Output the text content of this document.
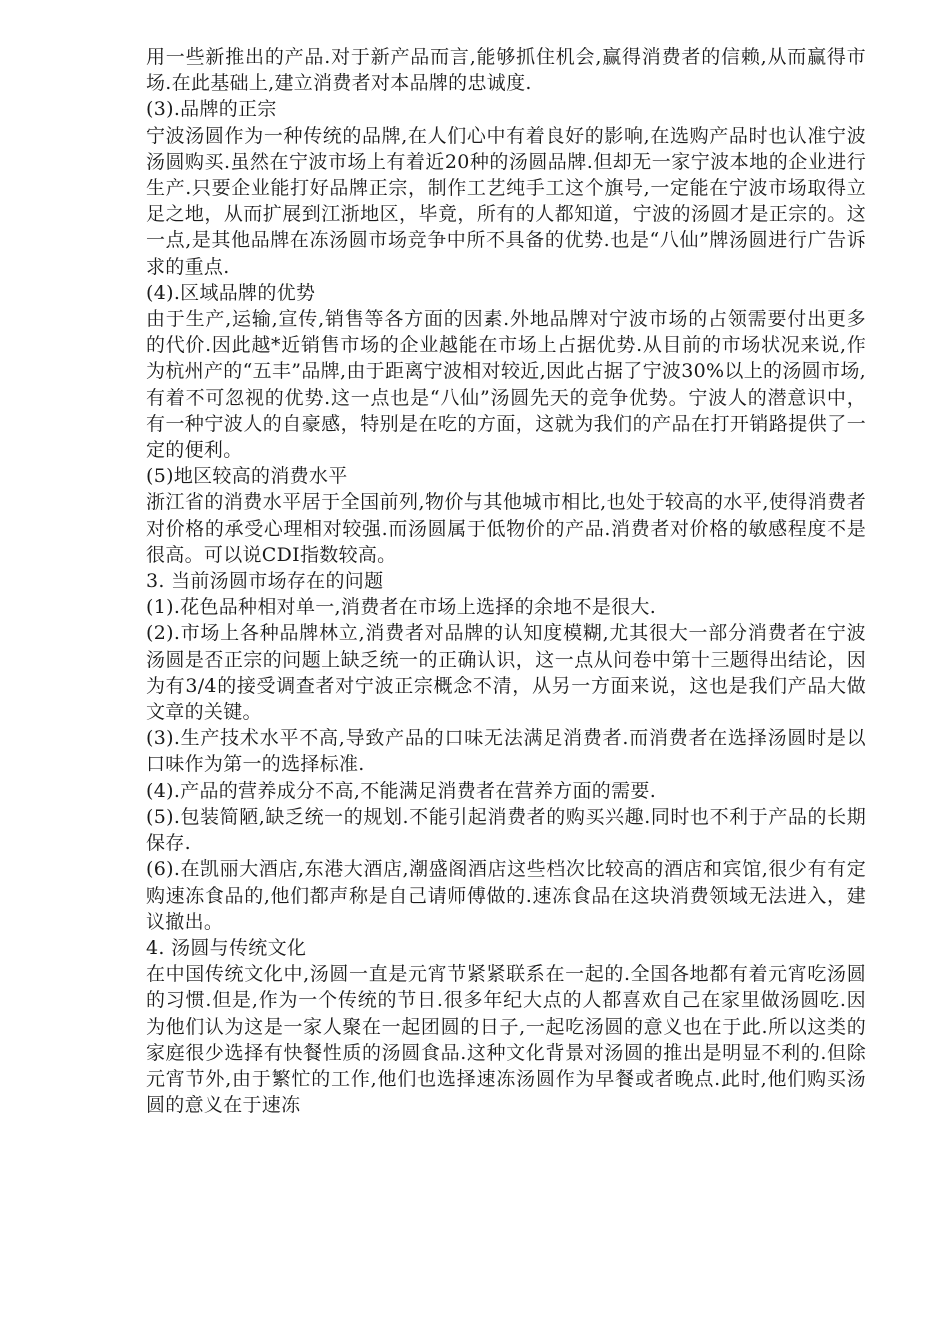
用一些新推出的产品.对于新产品而言,能够抓住机会,赢得消费者的信赖,从而赢得市场.在此基础上,建立消费者对本品牌的忠诚度.

(3).品牌的正宗

宁波汤圆作为一种传统的品牌,在人们心中有着良好的影响,在选购产品时也认准宁波汤圆购买.虽然在宁波市场上有着近20种的汤圆品牌.但却无一家宁波本地的企业进行生产.只要企业能打好品牌正宗，制作工艺纯手工这个旗号,一定能在宁波市场取得立足之地，从而扩展到江浙地区，毕竟，所有的人都知道，宁波的汤圆才是正宗的。这一点,是其他品牌在冻汤圆市场竞争中所不具备的优势.也是“八仙”牌汤圆进行广告诉求的重点.

(4).区域品牌的优势

由于生产,运输,宣传,销售等各方面的因素.外地品牌对宁波市场的占领需要付出更多的代价.因此越*近销售市场的企业越能在市场上占据优势.从目前的市场状况来说,作为杭州产的“五丰”品牌,由于距离宁波相对较近,因此占据了宁波30%以上的汤圆市场,有着不可忽视的优势.这一点也是“八仙”汤圆先天的竞争优势。宁波人的潜意识中，有一种宁波人的自豪感，特别是在吃的方面，这就为我们的产品在打开销路提供了一定的便利。

(5)地区较高的消费水平

浙江省的消费水平居于全国前列,物价与其他城市相比,也处于较高的水平,使得消费者对价格的承受心理相对较强.而汤圆属于低物价的产品.消费者对价格的敏感程度不是很高。可以说CDI指数较高。

3. 当前汤圆市场存在的问题

(1).花色品种相对单一,消费者在市场上选择的余地不是很大.

(2).市场上各种品牌林立,消费者对品牌的认知度模糊,尤其很大一部分消费者在宁波汤圆是否正宗的问题上缺乏统一的正确认识，这一点从问卷中第十三题得出结论，因为有3/4的接受调查者对宁波正宗概念不清，从另一方面来说，这也是我们产品大做文章的关键。

(3).生产技术水平不高,导致产品的口味无法满足消费者.而消费者在选择汤圆时是以口味作为第一的选择标准.

(4).产品的营养成分不高,不能满足消费者在营养方面的需要.

(5).包装简陋,缺乏统一的规划.不能引起消费者的购买兴趣.同时也不利于产品的长期保存.

(6).在凯丽大酒店,东港大酒店,潮盛阁酒店这些档次比较高的酒店和宾馆,很少有有定购速冻食品的,他们都声称是自己请师傅做的.速冻食品在这块消费领域无法进入，建议撤出。

4. 汤圆与传统文化

在中国传统文化中,汤圆一直是元宵节紧紧联系在一起的.全国各地都有着元宵吃汤圆的习惯.但是,作为一个传统的节日.很多年纪大点的人都喜欢自己在家里做汤圆吃.因为他们认为这是一家人聚在一起团圆的日子,一起吃汤圆的意义也在于此.所以这类的家庭很少选择有快餐性质的汤圆食品.这种文化背景对汤圆的推出是明显不利的.但除元宵节外,由于繁忙的工作,他们也选择速冻汤圆作为早餐或者晚点.此时,他们购买汤圆的意义在于速冻
